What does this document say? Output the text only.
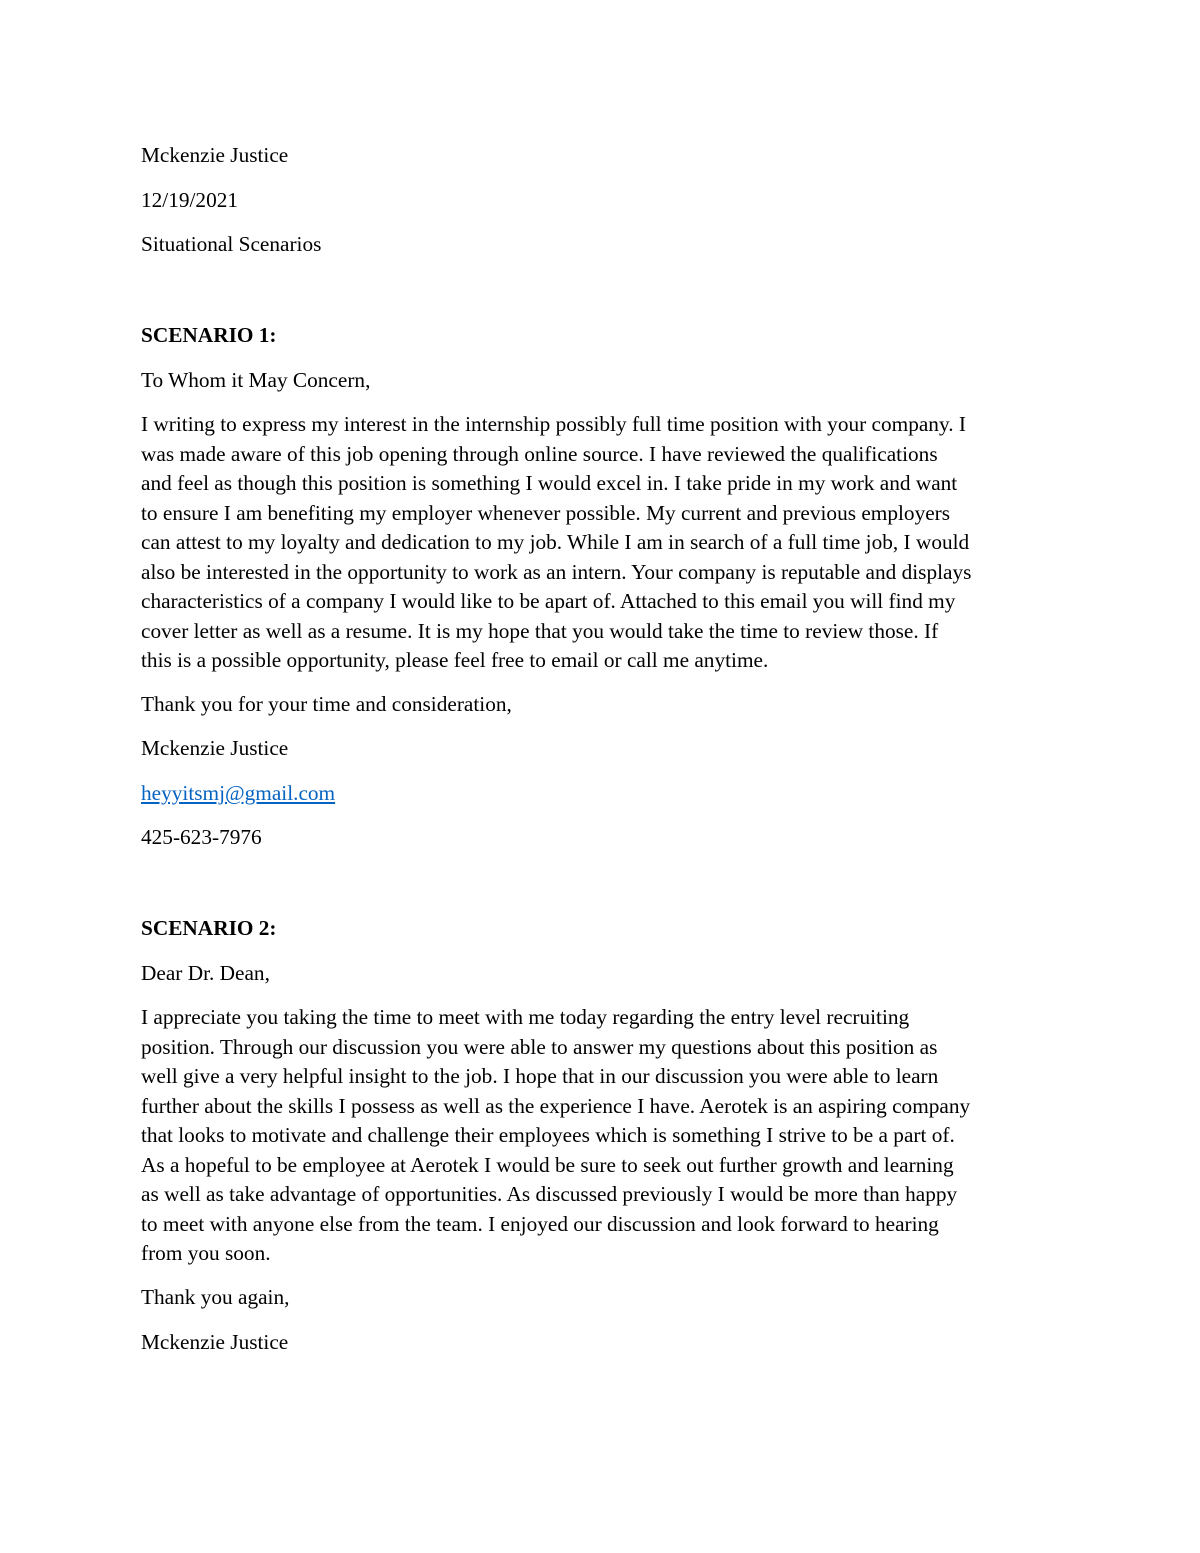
Mckenzie Justice

12/19/2021

Situational Scenarios

SCENARIO 1:

To Whom it May Concern,

I writing to express my interest in the internship possibly full time position with your company. I
was made aware of this job opening through online source. I have reviewed the qualifications
and feel as though this position is something I would excel in. I take pride in my work and want
to ensure I am benefiting my employer whenever possible. My current and previous employers
can attest to my loyalty and dedication to my job. While I am in search of a full time job, I would
also be interested in the opportunity to work as an intern. Your company is reputable and displays
characteristics of a company I would like to be apart of. Attached to this email you will find my
cover letter as well as a resume. It is my hope that you would take the time to review those. If
this is a possible opportunity, please feel free to email or call me anytime.

Thank you for your time and consideration,

Mckenzie Justice

heyyitsmj@gmail.com

425-623-7976

SCENARIO 2:

Dear Dr. Dean,

I appreciate you taking the time to meet with me today regarding the entry level recruiting
position. Through our discussion you were able to answer my questions about this position as
well give a very helpful insight to the job. I hope that in our discussion you were able to learn
further about the skills I possess as well as the experience I have. Aerotek is an aspiring company
that looks to motivate and challenge their employees which is something I strive to be a part of.
As a hopeful to be employee at Aerotek I would be sure to seek out further growth and learning
as well as take advantage of opportunities. As discussed previously I would be more than happy
to meet with anyone else from the team. I enjoyed our discussion and look forward to hearing
from you soon.

Thank you again,

Mckenzie Justice
